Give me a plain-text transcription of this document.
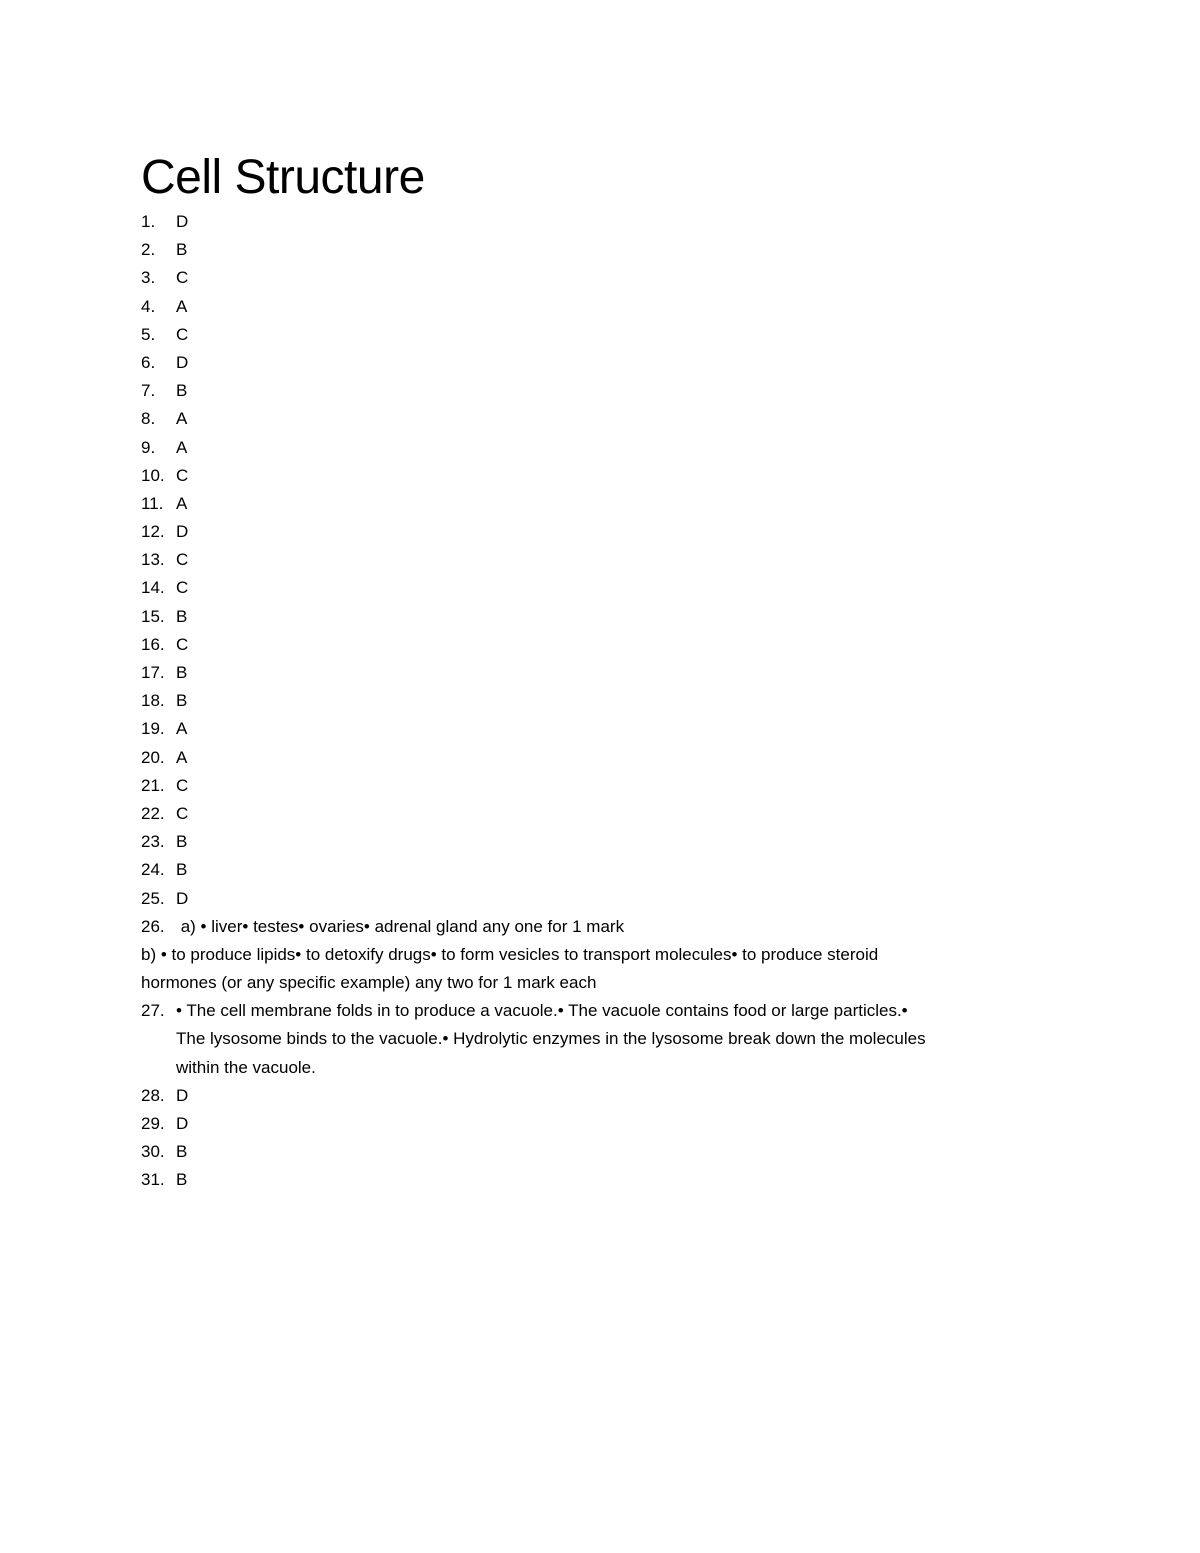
Cell Structure
1. D
2. B
3. C
4. A
5. C
6. D
7. B
8. A
9. A
10. C
11. A
12. D
13. C
14. C
15. B
16. C
17. B
18. B
19. A
20. A
21. C
22. C
23. B
24. B
25. D
26. a) • liver• testes• ovaries• adrenal gland any one for 1 mark
b) • to produce lipids• to detoxify drugs• to form vesicles to transport molecules• to produce steroid
hormones (or any specific example) any two for 1 mark each
27. • The cell membrane folds in to produce a vacuole.• The vacuole contains food or large particles.•
The lysosome binds to the vacuole.• Hydrolytic enzymes in the lysosome break down the molecules
within the vacuole.
28. D
29. D
30. B
31. B
